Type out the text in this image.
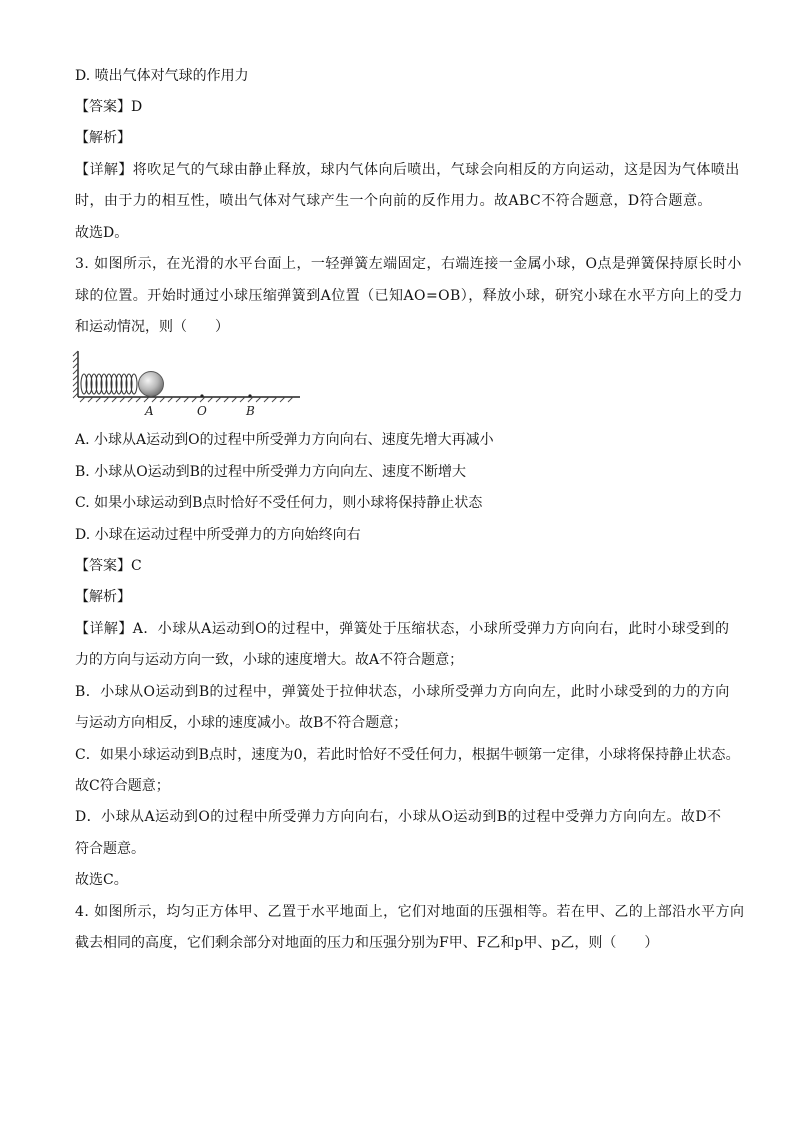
D. 喷出气体对气球的作用力
【答案】D
【解析】
【详解】将吹足气的气球由静止释放，球内气体向后喷出，气球会向相反的方向运动，这是因为气体喷出
时，由于力的相互性，喷出气体对气球产生一个向前的反作用力。故ABC不符合题意，D符合题意。
故选D。
3. 如图所示，在光滑的水平台面上，一轻弹簧左端固定，右端连接一金属小球，O点是弹簧保持原长时小
球的位置。开始时通过小球压缩弹簧到A位置（已知AO=OB），释放小球，研究小球在水平方向上的受力
和运动情况，则（　　）
A	O	B
A. 小球从A运动到O的过程中所受弹力方向向右、速度先增大再减小
B. 小球从O运动到B的过程中所受弹力方向向左、速度不断增大
C. 如果小球运动到B点时恰好不受任何力，则小球将保持静止状态
D. 小球在运动过程中所受弹力的方向始终向右
【答案】C
【解析】
【详解】A．小球从A运动到O的过程中，弹簧处于压缩状态，小球所受弹力方向向右，此时小球受到的
力的方向与运动方向一致，小球的速度增大。故A不符合题意；
B．小球从O运动到B的过程中，弹簧处于拉伸状态，小球所受弹力方向向左，此时小球受到的力的方向
与运动方向相反，小球的速度减小。故B不符合题意；
C．如果小球运动到B点时，速度为0，若此时恰好不受任何力，根据牛顿第一定律，小球将保持静止状态。
故C符合题意；
D．小球从A运动到O的过程中所受弹力方向向右，小球从O运动到B的过程中受弹力方向向左。故D不
符合题意。
故选C。
4. 如图所示，均匀正方体甲、乙置于水平地面上，它们对地面的压强相等。若在甲、乙的上部沿水平方向
截去相同的高度，它们剩余部分对地面的压力和压强分别为F甲、F乙和p甲、p乙，则（　　）
